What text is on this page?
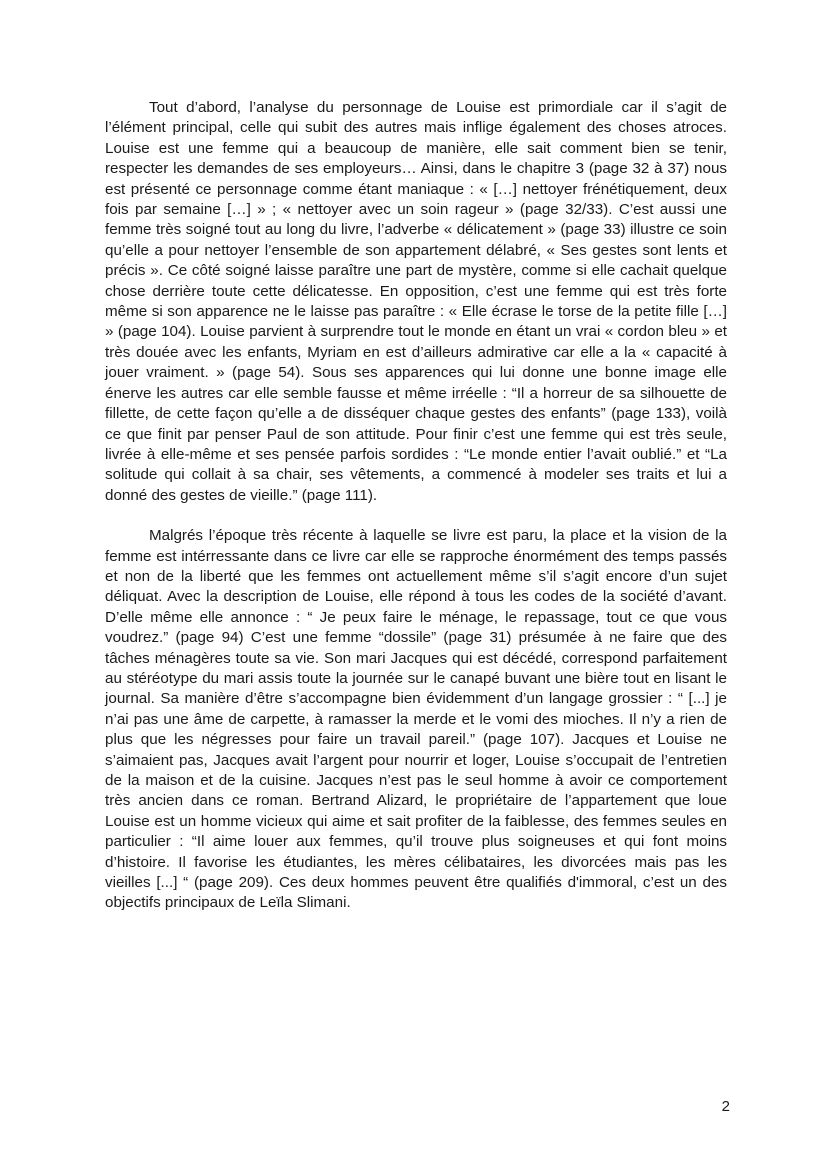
Tout d’abord, l’analyse du personnage de Louise est primordiale car il s’agit de l’élément principal, celle qui subit des autres mais inflige également des choses atroces. Louise est une femme qui a beaucoup de manière, elle sait comment bien se tenir, respecter les demandes de ses employeurs… Ainsi, dans le chapitre 3 (page 32 à 37) nous est présenté ce personnage comme étant maniaque : « […] nettoyer frénétiquement, deux fois par semaine […] » ; « nettoyer avec un soin rageur » (page 32/33). C’est aussi une femme très soigné tout au long du livre, l’adverbe « délicatement » (page 33) illustre ce soin qu’elle a pour nettoyer l’ensemble de son appartement délabré, « Ses gestes sont lents et précis ». Ce côté soigné laisse paraître une part de mystère, comme si elle cachait quelque chose derrière toute cette délicatesse. En opposition, c’est une femme qui est très forte même si son apparence ne le laisse pas paraître : « Elle écrase le torse de la petite fille […] » (page 104). Louise parvient à surprendre tout le monde en étant un vrai « cordon bleu » et très douée avec les enfants, Myriam en est d’ailleurs admirative car elle a la « capacité à jouer vraiment. » (page 54). Sous ses apparences qui lui donne une bonne image elle énerve les autres car elle semble fausse et même irréelle : “Il a horreur de sa silhouette de fillette, de cette façon qu’elle a de disséquer chaque gestes des enfants” (page 133), voilà ce que finit par penser Paul de son attitude. Pour finir c’est une femme qui est très seule, livrée à elle-même et ses pensée parfois sordides : “Le monde entier l’avait oublié.” et “La solitude qui collait à sa chair, ses vêtements, a commencé à modeler ses traits et lui a donné des gestes de vieille.” (page 111).

Malgrés l’époque très récente à laquelle se livre est paru, la place et la vision de la femme est intérressante dans ce livre car elle se rapproche énormément des temps passés et non de la liberté que les femmes ont actuellement même s’il s’agit encore d’un sujet déliquat. Avec la description de Louise, elle répond à tous les codes de la société d’avant. D’elle même elle annonce : “ Je peux faire le ménage, le repassage, tout ce que vous voudrez.” (page 94) C’est une femme “dossile” (page 31) présumée à ne faire que des tâches ménagères toute sa vie. Son mari Jacques qui est décédé, correspond parfaitement au stéréotype du mari assis toute la journée sur le canapé buvant une bière tout en lisant le journal. Sa manière d’être s’accompagne bien évidemment d’un langage grossier : “ [...] je n’ai pas une âme de carpette, à ramasser la merde et le vomi des mioches. Il n’y a rien de plus que les négresses pour faire un travail pareil.” (page 107). Jacques et Louise ne s’aimaient pas, Jacques avait l’argent pour nourrir et loger, Louise s’occupait de l’entretien de la maison et de la cuisine. Jacques n’est pas le seul homme à avoir ce comportement très ancien dans ce roman. Bertrand Alizard, le propriétaire de l’appartement que loue Louise est un homme vicieux qui aime et sait profiter de la faiblesse, des femmes seules en particulier : “Il aime louer aux femmes, qu’il trouve plus soigneuses et qui font moins d’histoire. Il favorise les étudiantes, les mères célibataires, les divorcées mais pas les vieilles [...] “ (page 209). Ces deux hommes peuvent être qualifiés d'immoral, c’est un des objectifs principaux de Leïla Slimani.

2
